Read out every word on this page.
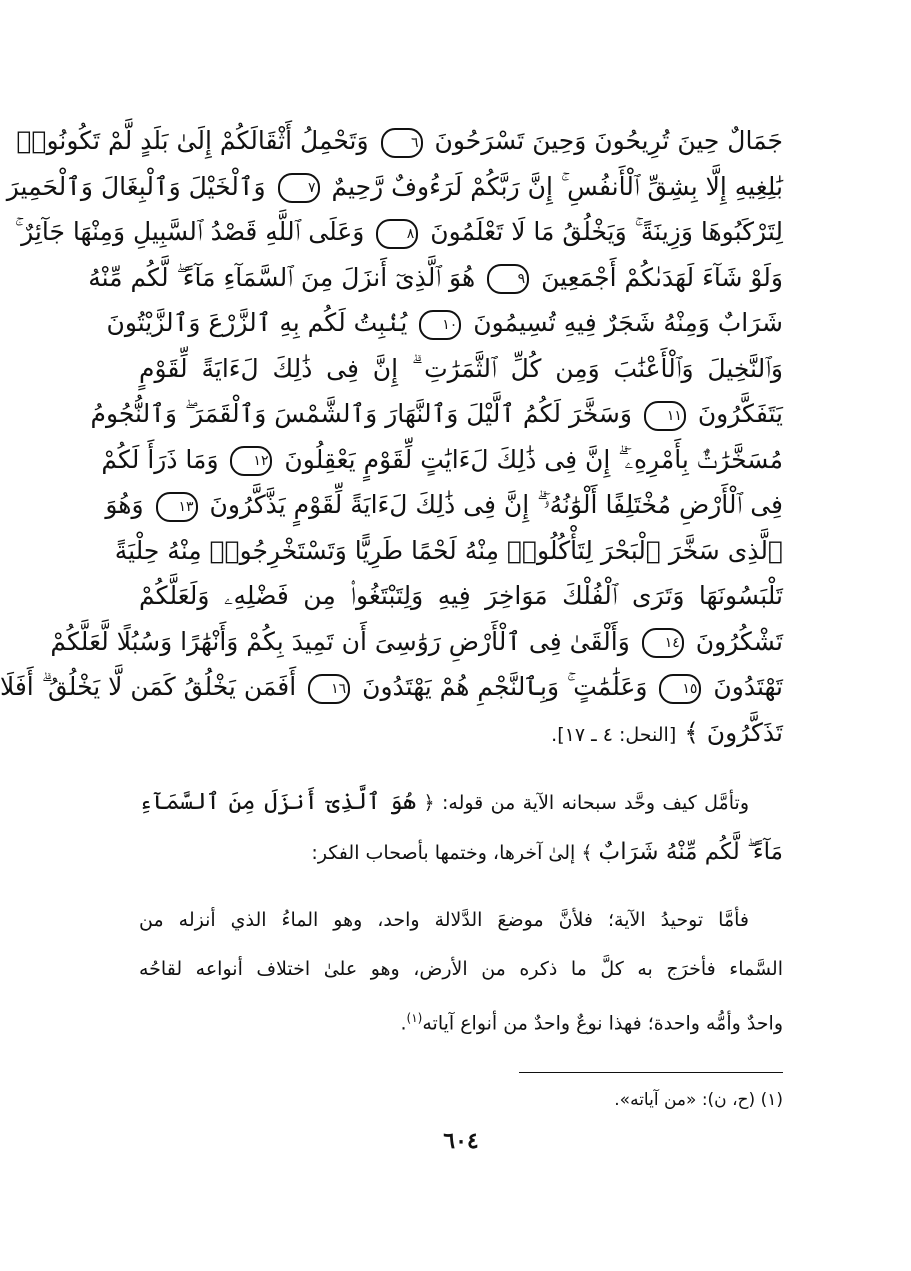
جَمَالٌ حِينَ تُرِيحُونَ وَحِينَ تَسْرَحُونَ ٦ وَتَحْمِلُ أَثْقَالَكُمْ إِلَىٰ بَلَدٍ لَّمْ تَكُونُوا۟
بَٰلِغِيهِ إِلَّا بِشِقِّ ٱلْأَنفُسِ ۚ إِنَّ رَبَّكُمْ لَرَءُوفٌ رَّحِيمٌ ٧ وَٱلْخَيْلَ وَٱلْبِغَالَ وَٱلْحَمِيرَ
لِتَرْكَبُوهَا وَزِينَةً ۚ وَيَخْلُقُ مَا لَا تَعْلَمُونَ ٨ وَعَلَى ٱللَّهِ قَصْدُ ٱلسَّبِيلِ وَمِنْهَا جَآئِرٌ ۚ
وَلَوْ شَآءَ لَهَدَىٰكُمْ أَجْمَعِينَ ٩ هُوَ ٱلَّذِىٓ أَنزَلَ مِنَ ٱلسَّمَآءِ مَآءً ۖ لَّكُم مِّنْهُ
شَرَابٌ وَمِنْهُ شَجَرٌ فِيهِ تُسِيمُونَ ١٠ يُنۢبِتُ لَكُم بِهِ ٱلزَّرْعَ وَٱلزَّيْتُونَ
وَٱلنَّخِيلَ وَٱلْأَعْنَٰبَ وَمِن كُلِّ ٱلثَّمَرَٰتِ ۗ إِنَّ فِى ذَٰلِكَ لَءَايَةً لِّقَوْمٍ
يَتَفَكَّرُونَ ١١ وَسَخَّرَ لَكُمُ ٱلَّيْلَ وَٱلنَّهَارَ وَٱلشَّمْسَ وَٱلْقَمَرَ ۖ وَٱلنُّجُومُ
مُسَخَّرَٰتٌۢ بِأَمْرِهِۦٓ ۗ إِنَّ فِى ذَٰلِكَ لَءَايَٰتٍ لِّقَوْمٍ يَعْقِلُونَ ١٢ وَمَا ذَرَأَ لَكُمْ
فِى ٱلْأَرْضِ مُخْتَلِفًا أَلْوَٰنُهُۥٓ ۗ إِنَّ فِى ذَٰلِكَ لَءَايَةً لِّقَوْمٍ يَذَّكَّرُونَ ١٣ وَهُوَ
ٱلَّذِى سَخَّرَ ٱلْبَحْرَ لِتَأْكُلُوا۟ مِنْهُ لَحْمًا طَرِيًّا وَتَسْتَخْرِجُوا۟ مِنْهُ حِلْيَةً
تَلْبَسُونَهَا وَتَرَى ٱلْفُلْكَ مَوَاخِرَ فِيهِ وَلِتَبْتَغُوا۟ مِن فَضْلِهِۦ وَلَعَلَّكُمْ
تَشْكُرُونَ ١٤ وَأَلْقَىٰ فِى ٱلْأَرْضِ رَوَٰسِىَ أَن تَمِيدَ بِكُمْ وَأَنْهَٰرًا وَسُبُلًا لَّعَلَّكُمْ
تَهْتَدُونَ ١٥ وَعَلَٰمَٰتٍ ۚ وَبِٱلنَّجْمِ هُمْ يَهْتَدُونَ ١٦ أَفَمَن يَخْلُقُ كَمَن لَّا يَخْلُقُ ۗ أَفَلَا
تَذَكَّرُونَ ﴾ [النحل: ٤ ـ ١٧].
وتأمَّل كيف وحَّد سبحانه الآية من قوله: ﴿ هُوَ ٱلَّذِىٓ أَنزَلَ مِنَ ٱلسَّمَآءِ
مَآءً ۖ لَّكُم مِّنْهُ شَرَابٌ ﴾ إلىٰ آخرها، وختمها بأصحاب الفكر:
فأمَّا توحيدُ الآية؛ فلأنَّ موضعَ الدَّلالة واحد، وهو الماءُ الذي أنزله من
السَّماء فأخرَج به كلَّ ما ذكره من الأرض، وهو علىٰ اختلاف أنواعه لقاحُه
واحدٌ وأمُّه واحدة؛ فهذا نوعٌ واحدٌ من أنواع آياته$^{(١)}$.
(١) (ح، ن): «من آياته».
٦٠٤
